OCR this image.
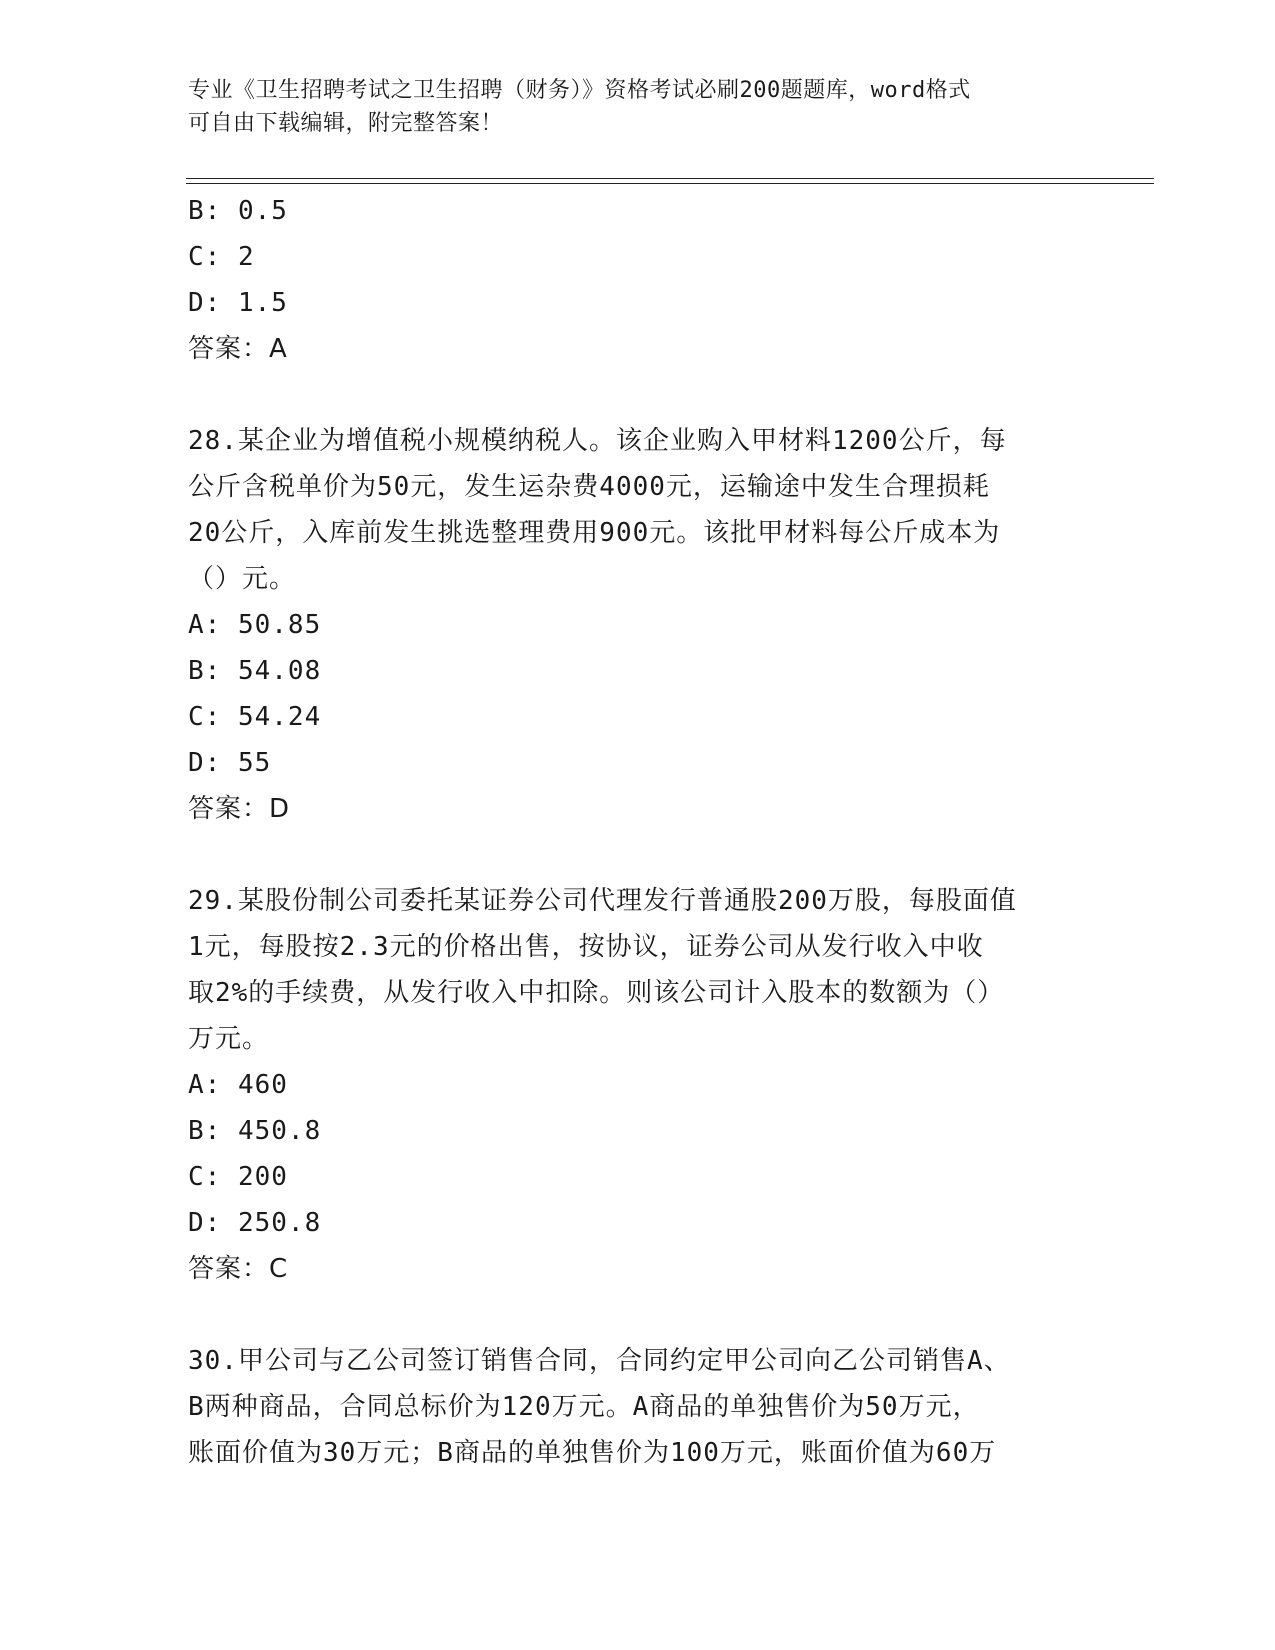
专业《卫生招聘考试之卫生招聘（财务）》资格考试必刷200题题库，word格式
可自由下载编辑，附完整答案！
B: 0.5
C: 2
D: 1.5
答案：A
28.某企业为增值税小规模纳税人。该企业购入甲材料1200公斤，每
公斤含税单价为50元，发生运杂费4000元，运输途中发生合理损耗
20公斤，入库前发生挑选整理费用900元。该批甲材料每公斤成本为
（）元。
A: 50.85
B: 54.08
C: 54.24
D: 55
答案：D
29.某股份制公司委托某证券公司代理发行普通股200万股，每股面值
1元，每股按2.3元的价格出售，按协议，证券公司从发行收入中收
取2%的手续费，从发行收入中扣除。则该公司计入股本的数额为（）
万元。
A: 460
B: 450.8
C: 200
D: 250.8
答案：C
30.甲公司与乙公司签订销售合同，合同约定甲公司向乙公司销售A、
B两种商品，合同总标价为120万元。A商品的单独售价为50万元，
账面价值为30万元；B商品的单独售价为100万元，账面价值为60万
